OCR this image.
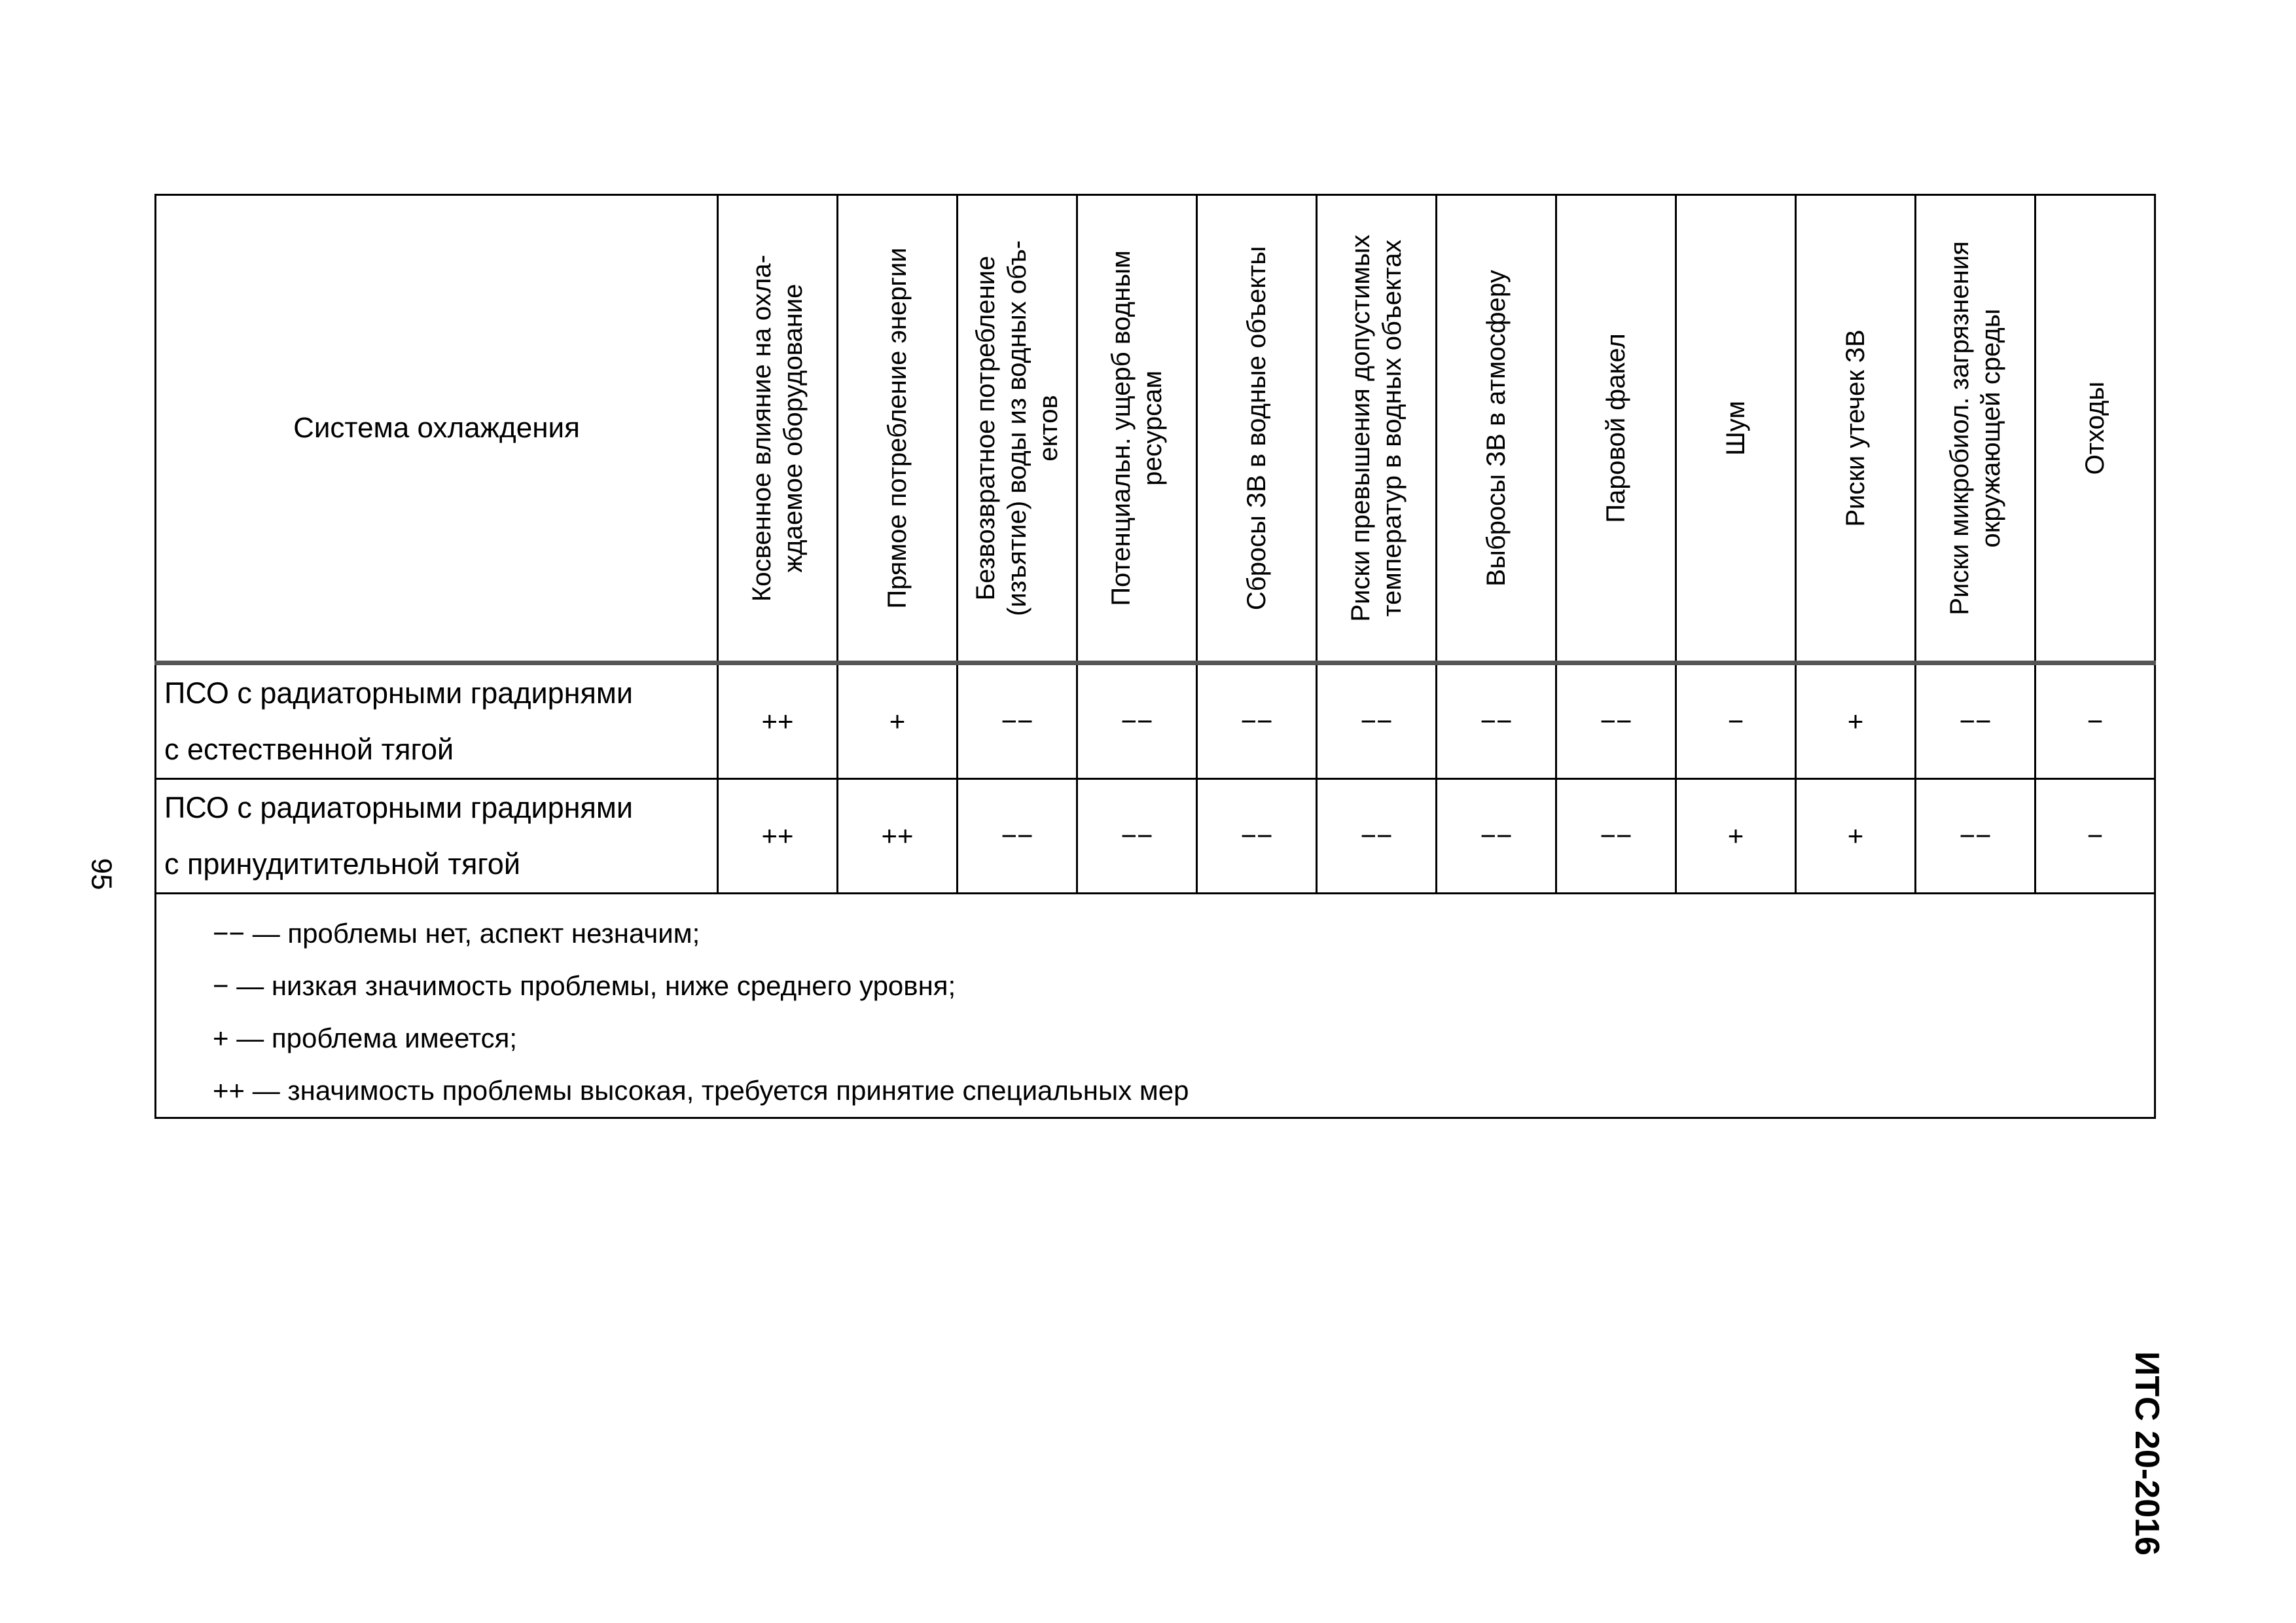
Система охлаждения	Косвенное влияние на охла- ждаемое оборудование	Прямое потребление энергии	Безвозвратное потребление (изъятие) воды из водных объ- ектов	Потенциальн. ущерб водным ресурсам	Сбросы ЗВ в водные объекты	Риски превышения допустимых температур в водных объектах	Выбросы ЗВ в атмосферу	Паровой факел	Шум	Риски утечек ЗВ	Риски микробиол. загрязнения окружающей среды	Отходы

ПСО с радиаторными градирнями
с естественной тягой	++	+	−−	−−	−−	−−	−−	−−	−	+	−−	−

ПСО с радиаторными градирнями
с принудитительной тягой	++	++	−−	−−	−−	−−	−−	−−	+	+	−−	−

−− — проблемы нет, аспект незначим;
− — низкая значимость проблемы, ниже среднего уровня;
+ — проблема имеется;
++ — значимость проблемы высокая, требуется принятие специальных мер												
95
ИТС 20-2016
